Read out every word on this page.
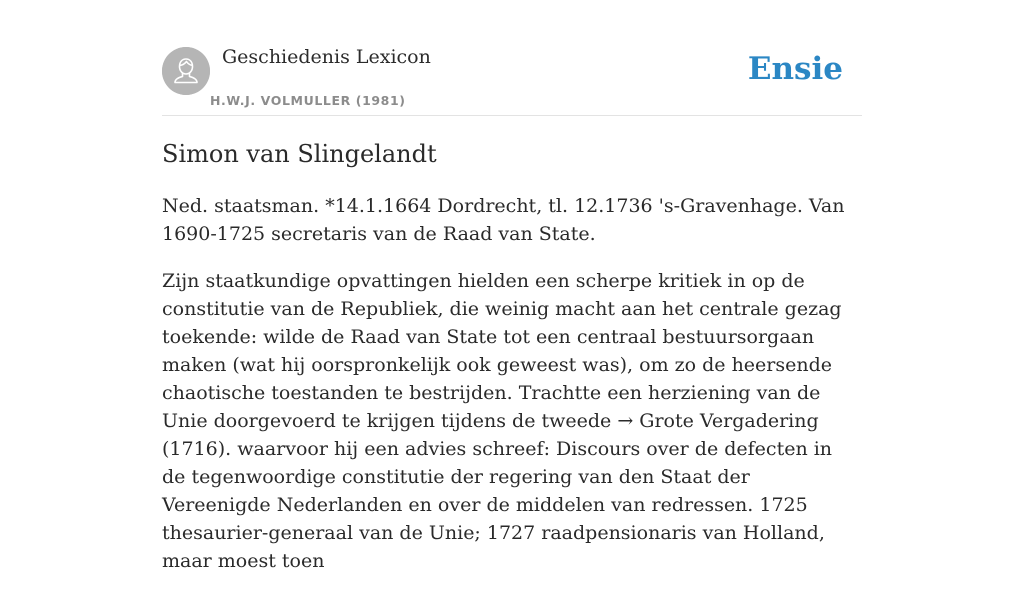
Geschiedenis Lexicon
H.W.J. VOLMULLER (1981)
Ensie
Simon van Slingelandt

Ned. staatsman. *14.1.1664 Dordrecht, tl. 12.1736 's-Gravenhage. Van 1690-1725 secretaris van de Raad van State.

Zijn staatkundige opvattingen hielden een scherpe kritiek in op de constitutie van de Republiek, die weinig macht aan het centrale gezag toekende: wilde de Raad van State tot een centraal bestuursorgaan maken (wat hij oorspronkelijk ook geweest was), om zo de heersende chaotische toestanden te bestrijden. Trachtte een herziening van de Unie doorgevoerd te krijgen tijdens de tweede → Grote Vergadering (1716). waarvoor hij een advies schreef: Discours over de defecten in de tegenwoordige constitutie der regering van den Staat der Vereenigde Nederlanden en over de middelen van redressen. 1725 thesaurier-generaal van de Unie; 1727 raadpensionaris van Holland, maar moest toen
